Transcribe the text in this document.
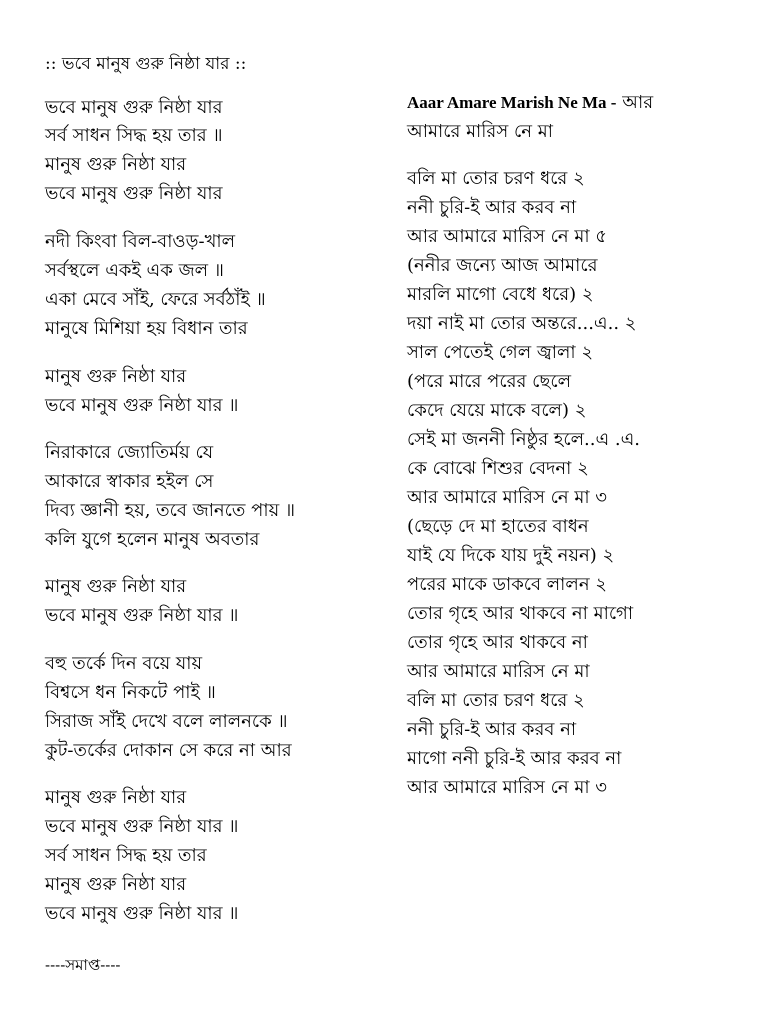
:: ভবে মানুষ গুরু নিষ্ঠা যার ::
ভবে মানুষ গুরু নিষ্ঠা যার
সর্ব সাধন সিদ্ধ হয় তার ॥
মানুষ গুরু নিষ্ঠা যার
ভবে মানুষ গুরু নিষ্ঠা যার
নদী কিংবা বিল-বাওড়-খাল
সর্বস্থলে একই এক জল ॥
একা মেবে সাঁই, ফেরে সর্বঠাঁই ॥
মানুষে মিশিয়া হয় বিধান তার
মানুষ গুরু নিষ্ঠা যার
ভবে মানুষ গুরু নিষ্ঠা যার ॥
নিরাকারে জ্যোতির্ময় যে
আকারে স্বাকার হইল সে
দিব্য জ্ঞানী হয়, তবে জানতে পায় ॥
কলি যুগে হলেন মানুষ অবতার
মানুষ গুরু নিষ্ঠা যার
ভবে মানুষ গুরু নিষ্ঠা যার ॥
বহু তর্কে দিন বয়ে যায়
বিশ্বসে ধন নিকটে পাই ॥
সিরাজ সাঁই দেখে বলে লালনকে ॥
কুট-তর্কের দোকান সে করে না আর
মানুষ গুরু নিষ্ঠা যার
ভবে মানুষ গুরু নিষ্ঠা যার ॥
সর্ব সাধন সিদ্ধ হয় তার
মানুষ গুরু নিষ্ঠা যার
ভবে মানুষ গুরু নিষ্ঠা যার ॥
----সমাপ্ত----
Aaar Amare Marish Ne Ma - আর
আমারে মারিস নে মা
বলি মা তোর চরণ ধরে ২
ননী চুরি-ই আর করব না
আর আমারে মারিস নে মা ৫
(ননীর জন্যে আজ আমারে
মারলি মাগো বেধে ধরে) ২
দয়া নাই মা তোর অন্তরে...এ.. ২
সাল পেতেই গেল জ্বালা ২
(পরে মারে পরের ছেলে
কেদে যেয়ে মাকে বলে) ২
সেই মা জননী নিষ্ঠুর হলে..এ .এ.
কে বোঝে শিশুর বেদনা ২
আর আমারে মারিস নে মা ৩
(ছেড়ে দে মা হাতের বাধন
যাই যে দিকে যায় দুই নয়ন) ২
পরের মাকে ডাকবে লালন ২
তোর গৃহে আর থাকবে না মাগো
তোর গৃহে আর থাকবে না
আর আমারে মারিস নে মা
বলি মা তোর চরণ ধরে ২
ননী চুরি-ই আর করব না
মাগো ননী চুরি-ই আর করব না
আর আমারে মারিস নে মা ৩
